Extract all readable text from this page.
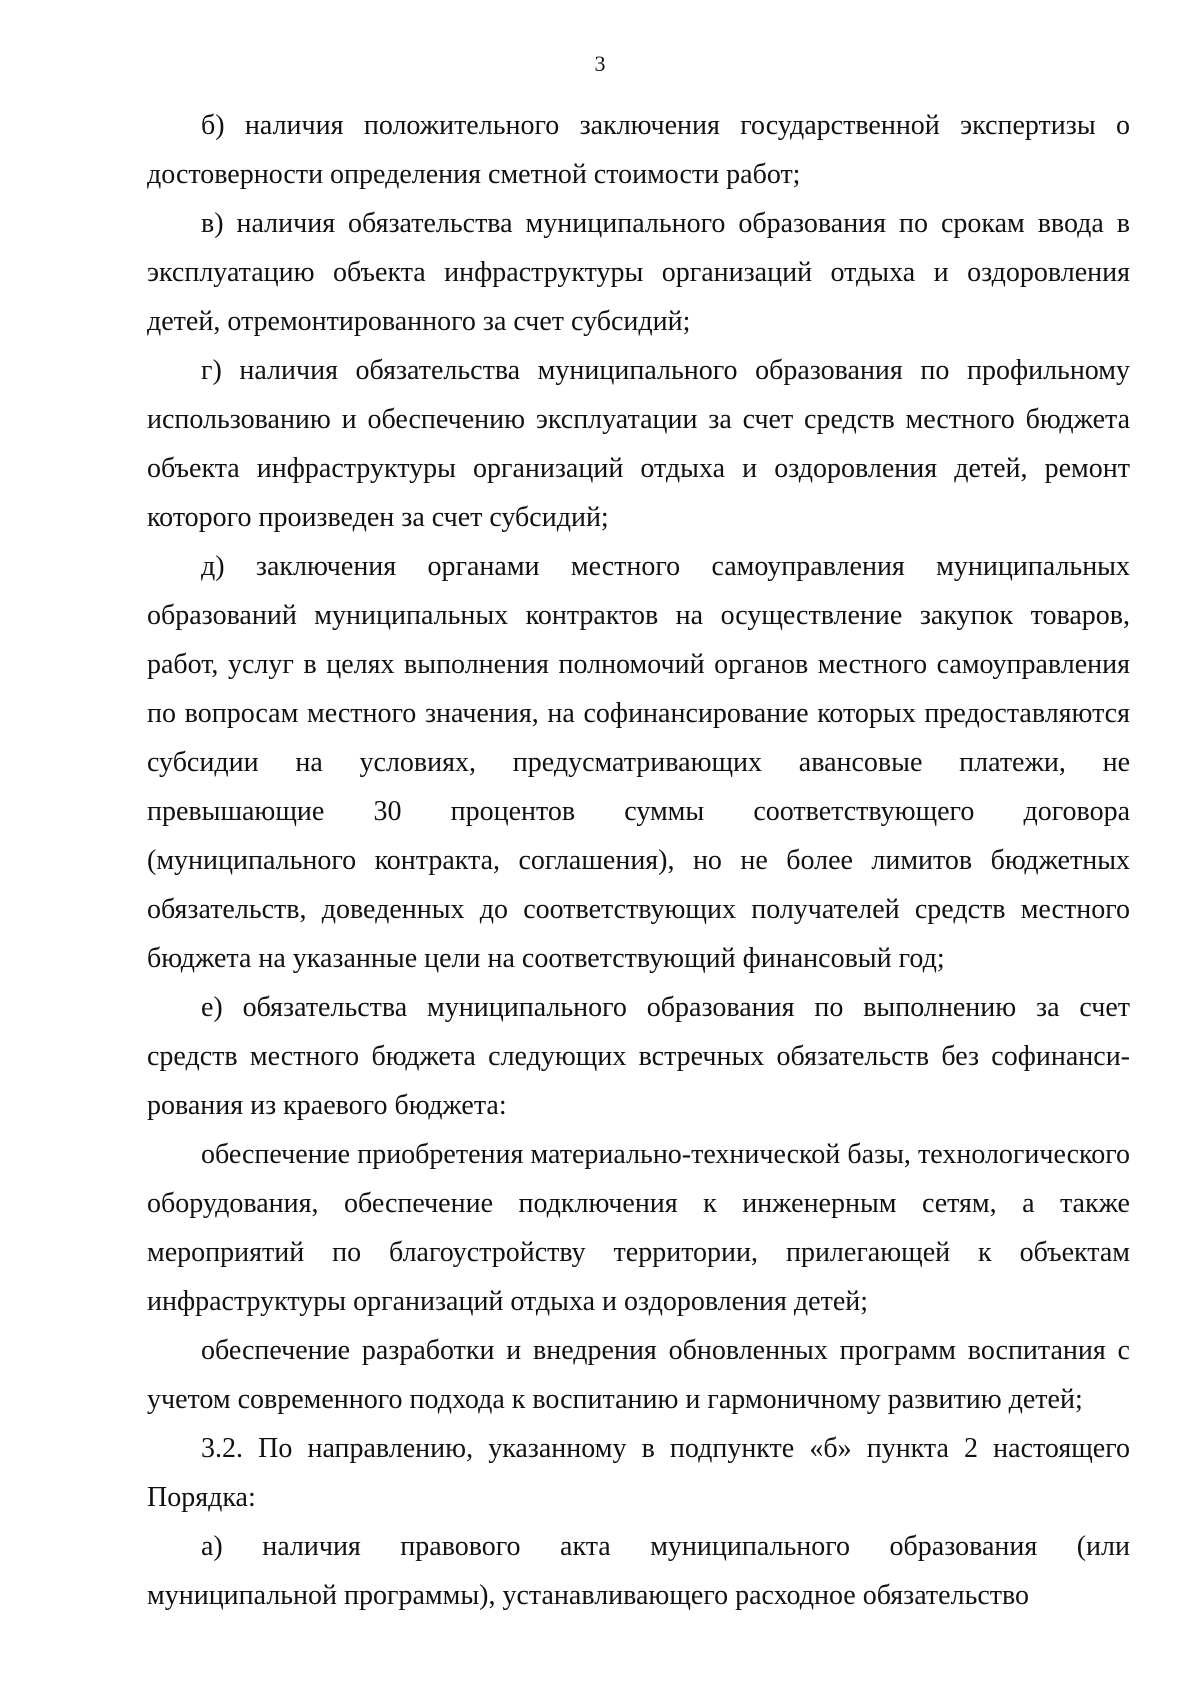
3

б) наличия положительного заключения государственной экспертизы о достоверности определения сметной стоимости работ;

в) наличия обязательства муниципального образования по срокам ввода в эксплуатацию объекта инфраструктуры организаций отдыха и оздоровления детей, отремонтированного за счет субсидий;

г) наличия обязательства муниципального образования по профильному использованию и обеспечению эксплуатации за счет средств местного бюджета объекта инфраструктуры организаций отдыха и оздоровления детей, ремонт которого произведен за счет субсидий;

д) заключения органами местного самоуправления муниципальных образований муниципальных контрактов на осуществление закупок товаров, работ, услуг в целях выполнения полномочий органов местного самоуправления по вопросам местного значения, на софинансирование которых предоставляются субсидии на условиях, предусматривающих авансовые платежи, не превышающие 30 процентов суммы соответствующего договора (муниципального контракта, соглашения), но не более лимитов бюджетных обязательств, доведенных до соответствующих получателей средств местного бюджета на указанные цели на соответствующий финансовый год;

е) обязательства муниципального образования по выполнению за счет средств местного бюджета следующих встречных обязательств без софинанси-рования из краевого бюджета:

обеспечение приобретения материально-технической базы, технологического оборудования, обеспечение подключения к инженерным сетям, а также мероприятий по благоустройству территории, прилегающей к объектам инфраструктуры организаций отдыха и оздоровления детей;

обеспечение разработки и внедрения обновленных программ воспитания с учетом современного подхода к воспитанию и гармоничному развитию детей;

3.2. По направлению, указанному в подпункте «б» пункта 2 настоящего Порядка:

а) наличия правового акта муниципального образования (или муниципальной программы), устанавливающего расходное обязательство
